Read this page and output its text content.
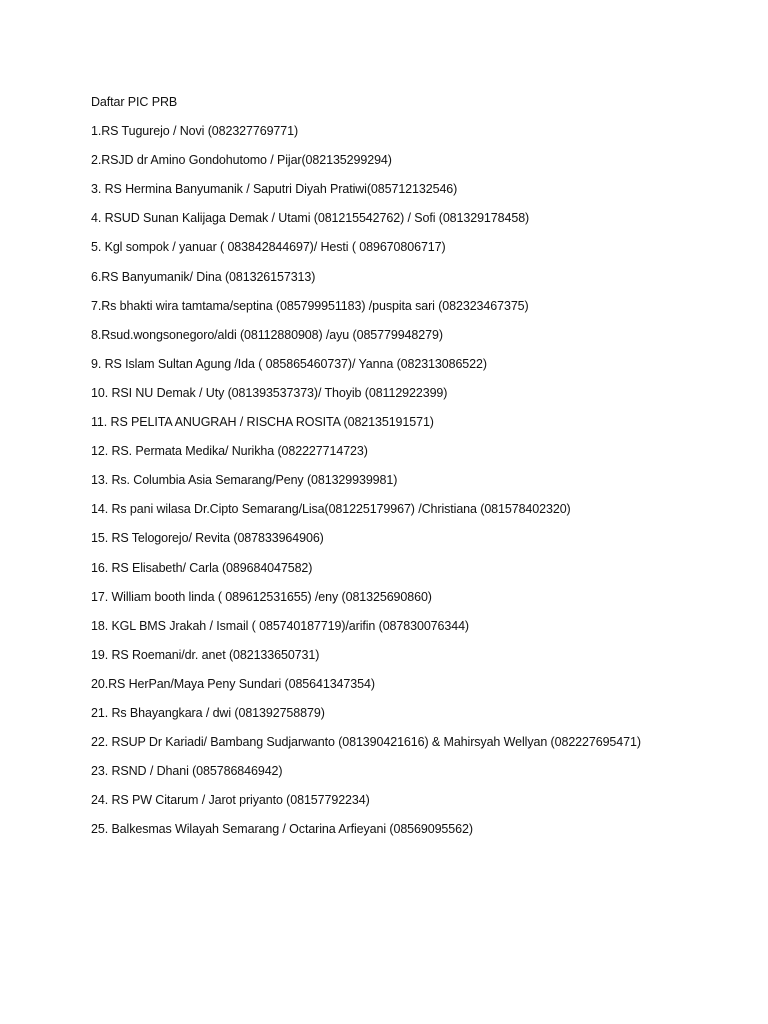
Daftar PIC PRB
1.RS Tugurejo / Novi (082327769771)
2.RSJD dr Amino Gondohutomo / Pijar(082135299294)
3. RS Hermina Banyumanik / Saputri Diyah Pratiwi(085712132546)
4. RSUD Sunan Kalijaga Demak / Utami (081215542762) / Sofi (081329178458)
5. Kgl sompok / yanuar ( 083842844697)/ Hesti ( 089670806717)
6.RS Banyumanik/ Dina (081326157313)
7.Rs bhakti wira tamtama/septina (085799951183) /puspita sari (082323467375)
8.Rsud.wongsonegoro/aldi (08112880908) /ayu (085779948279)
9. RS Islam Sultan Agung /Ida ( 085865460737)/ Yanna (082313086522)
10. RSI NU Demak / Uty (081393537373)/ Thoyib (08112922399)
11. RS PELITA ANUGRAH / RISCHA ROSITA (082135191571)
12. RS. Permata Medika/ Nurikha (082227714723)
13. Rs. Columbia Asia Semarang/Peny (081329939981)
14. Rs pani wilasa Dr.Cipto Semarang/Lisa(081225179967) /Christiana (081578402320)
15. RS Telogorejo/ Revita (087833964906)
16. RS Elisabeth/ Carla (089684047582)
17. William booth linda ( 089612531655) /eny (081325690860)
18. KGL BMS Jrakah / Ismail ( 085740187719)/arifin (087830076344)
19. RS Roemani/dr. anet (082133650731)
20.RS HerPan/Maya Peny Sundari (085641347354)
21. Rs Bhayangkara / dwi (081392758879)
22. RSUP Dr Kariadi/ Bambang Sudjarwanto (081390421616) & Mahirsyah Wellyan (082227695471)
23. RSND / Dhani (085786846942)
24. RS PW Citarum / Jarot priyanto (08157792234)
25. Balkesmas Wilayah Semarang / Octarina Arfieyani (08569095562)
